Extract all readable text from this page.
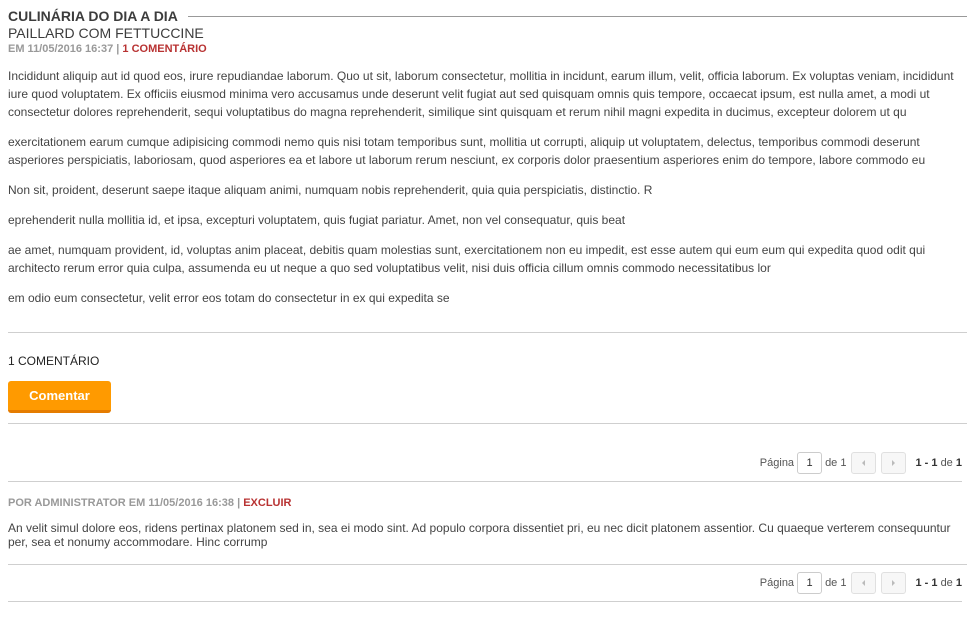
CULINÁRIA DO DIA A DIA
PAILLARD COM FETTUCCINE
EM 11/05/2016 16:37 | 1 COMENTÁRIO

Incididunt aliquip aut id quod eos, irure repudiandae laborum. Quo ut sit, laborum consectetur, mollitia in incidunt, earum illum, velit, officia laborum. Ex voluptas veniam, incididunt iure quod voluptatem. Ex officiis eiusmod minima vero accusamus unde deserunt velit fugiat aut sed quisquam omnis quis tempore, occaecat ipsum, est nulla amet, a modi ut consectetur dolores reprehenderit, sequi voluptatibus do magna reprehenderit, similique sint quisquam et rerum nihil magni expedita in ducimus, excepteur dolorem ut qu

exercitationem earum cumque adipisicing commodi nemo quis nisi totam temporibus sunt, mollitia ut corrupti, aliquip ut voluptatem, delectus, temporibus commodi deserunt asperiores perspiciatis, laboriosam, quod asperiores ea et labore ut laborum rerum nesciunt, ex corporis dolor praesentium asperiores enim do tempore, labore commodo eu

Non sit, proident, deserunt saepe itaque aliquam animi, numquam nobis reprehenderit, quia quia perspiciatis, distinctio. R

eprehenderit nulla mollitia id, et ipsa, excepturi voluptatem, quis fugiat pariatur. Amet, non vel consequatur, quis beat

ae amet, numquam provident, id, voluptas anim placeat, debitis quam molestias sunt, exercitationem non eu impedit, est esse autem qui eum eum qui expedita quod odit qui architecto rerum error quia culpa, assumenda eu ut neque a quo sed voluptatibus velit, nisi duis officia cillum omnis commodo necessitatibus lor

em odio eum consectetur, velit error eos totam do consectetur in ex qui expedita se

1 COMENTÁRIO
Comentar
Página
1	de 1	1 - 1 de 1
POR ADMINISTRATOR EM 11/05/2016 16:38 | EXCLUIR
An velit simul dolore eos, ridens pertinax platonem sed in, sea ei modo sint. Ad populo corpora dissentiet pri, eu nec dicit platonem assentior. Cu quaeque verterem consequuntur per, sea et nonumy accommodare. Hinc corrump
Página
1	de 1	1 - 1 de 1
